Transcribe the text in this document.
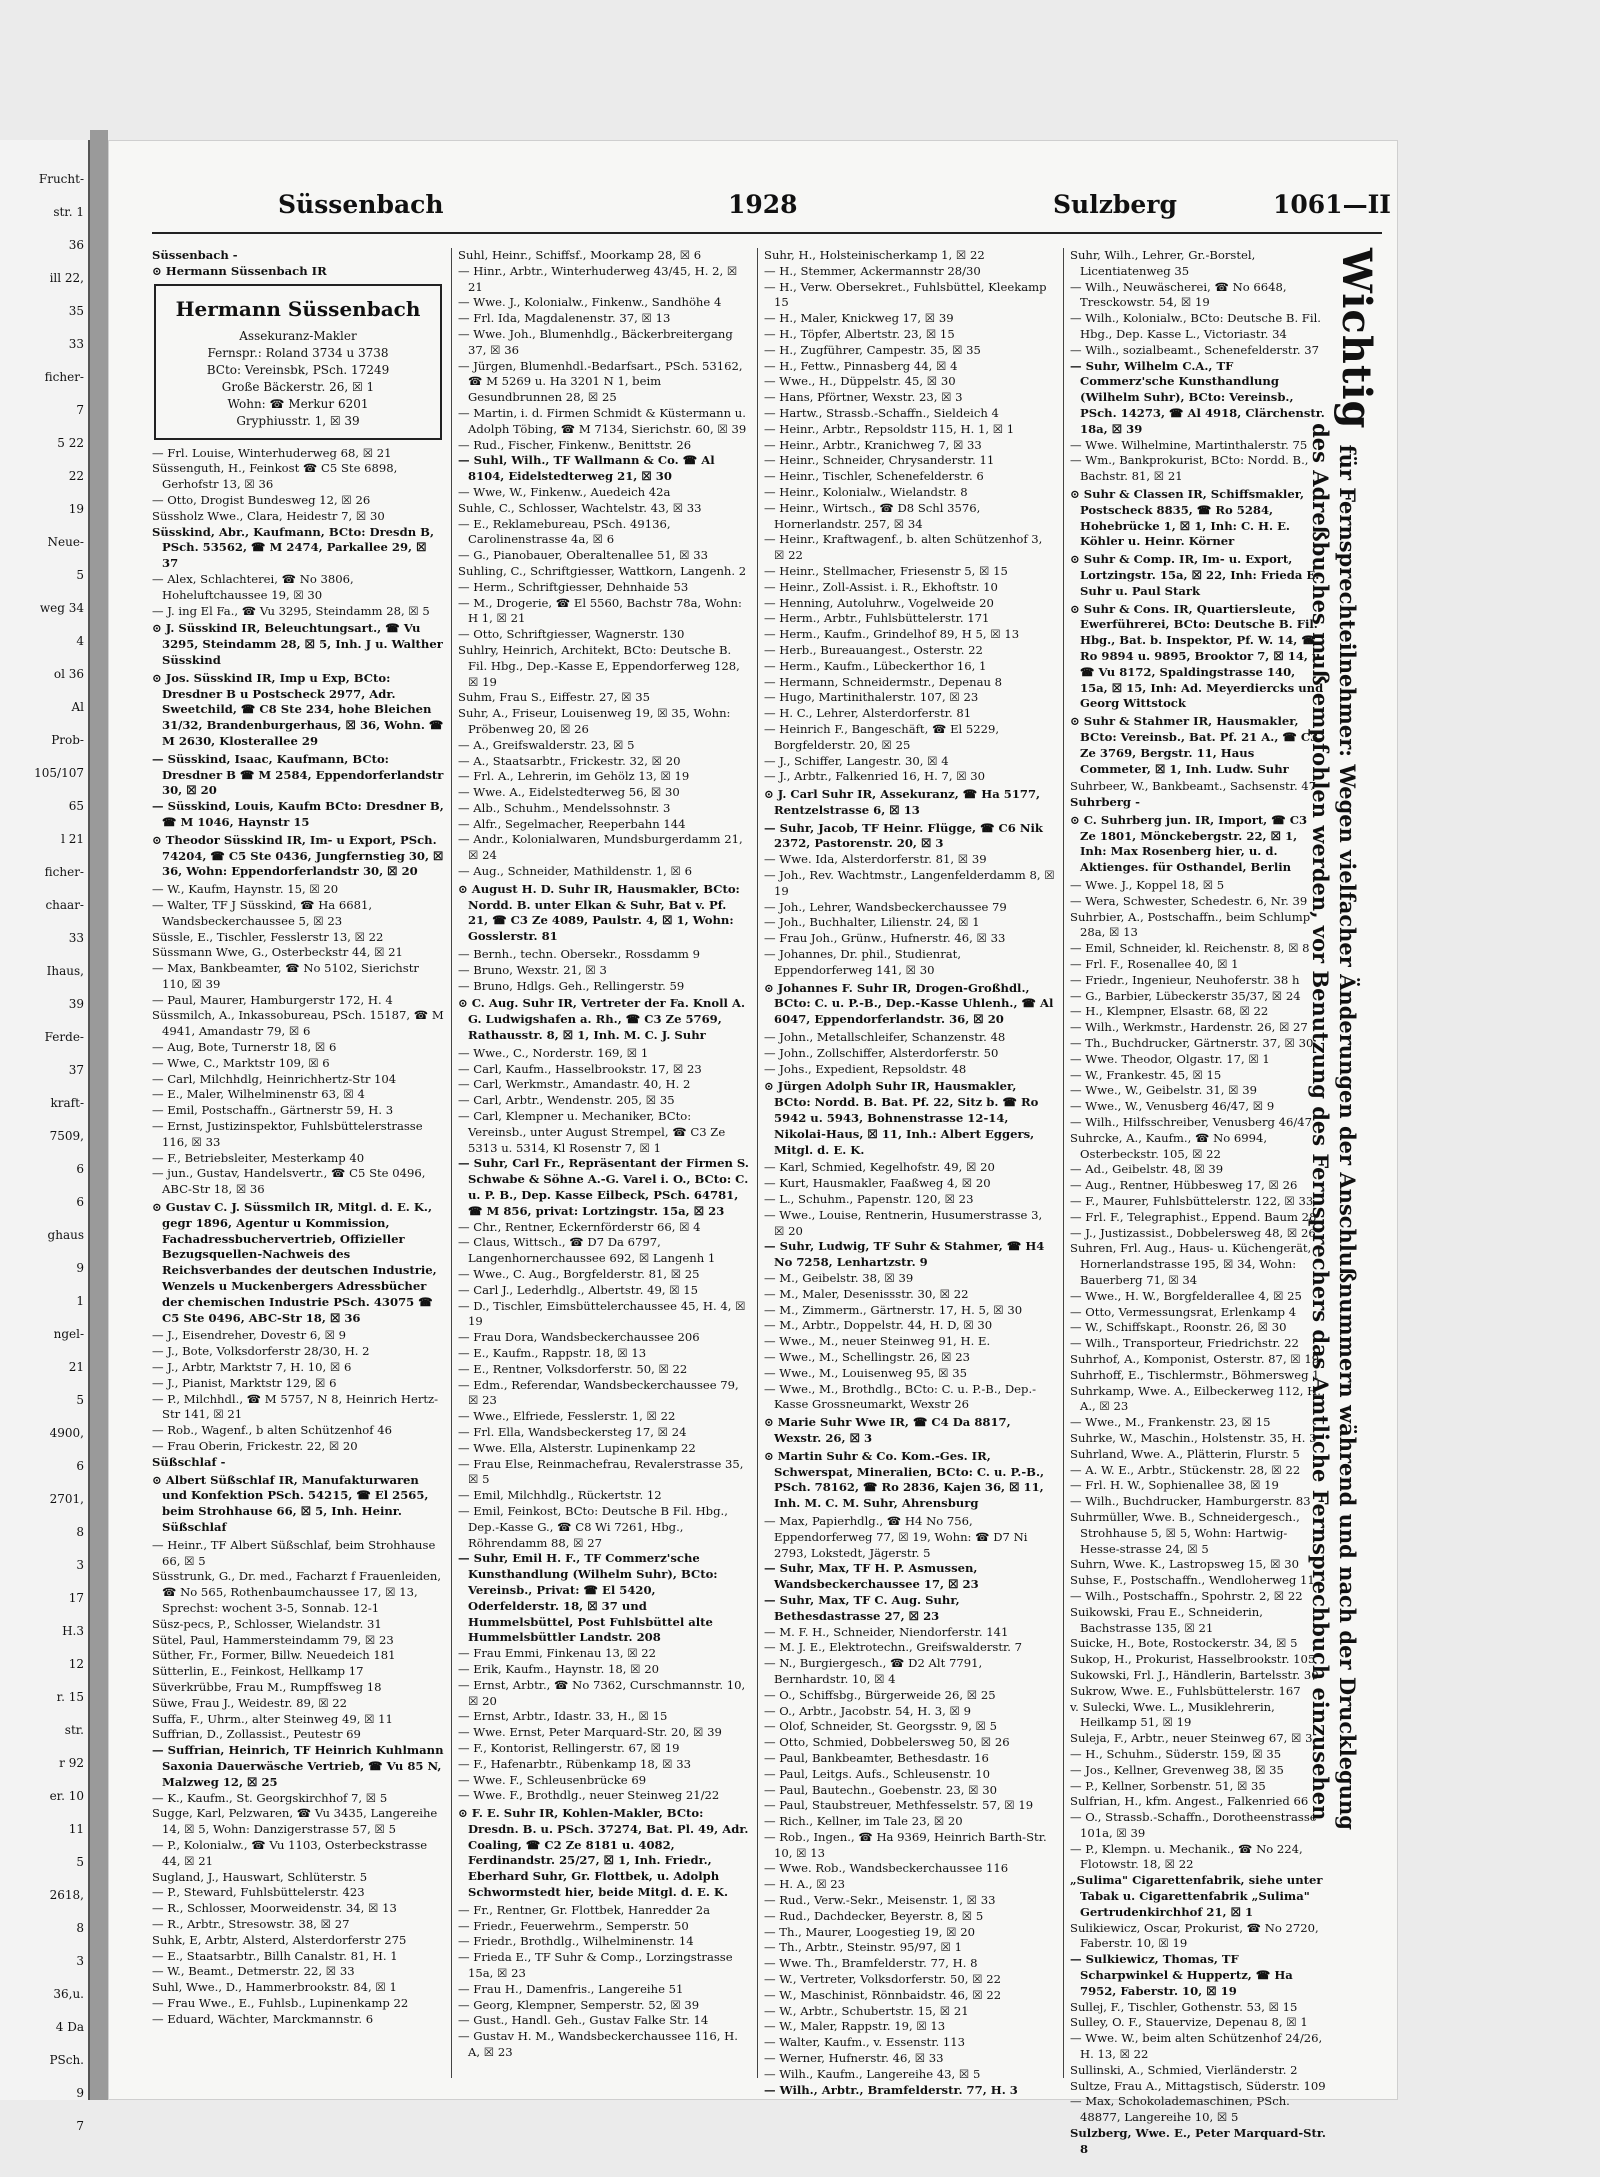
Frucht-
str. 1
36
ill 22,
35
33
ficher-
7
5 22
22
19
Neue-
5
weg 34
4
ol 36
Al
Prob-
105/107
65
l 21
ficher-
chaar-
33
Ihaus,
39
Ferde-
37
kraft-
7509,
6
6
ghaus
9
1
ngel-
21
5
4900,
6
2701,
8
3
17
H.3
12
r. 15
str.
r 92
er. 10
11
5
2618,
8
3
36,u.
4 Da
PSch.
9
7
Süssenbach	1928	Sulzberg	1061—II
Süssenbach -
⊙ Hermann Süssenbach IR
Hermann Süssenbach
Assekuranz-Makler
Fernspr.: Roland 3734 u 3738
BCto: Vereinsbk, PSch. 17249
Große Bäckerstr. 26, ☒ 1
Wohn: ☎ Merkur 6201
Gryphiusstr. 1, ☒ 39
— Frl. Louise, Winterhuderweg 68, ☒ 21
Süssenguth, H., Feinkost ☎ C5 Ste 6898, Gerhofstr 13, ☒ 36
— Otto, Drogist Bundesweg 12, ☒ 26
Süssholz Wwe., Clara, Heidestr 7, ☒ 30
Süsskind, Abr., Kaufmann, BCto: Dresdn B, PSch. 53562, ☎ M 2474, Parkallee 29, ☒ 37
— Alex, Schlachterei, ☎ No 3806, Hoheluftchaussee 19, ☒ 30
— J. ing El Fa., ☎ Vu 3295, Steindamm 28, ☒ 5
⊙ J. Süsskind IR, Beleuchtungsart., ☎ Vu 3295, Steindamm 28, ☒ 5, Inh. J u. Walther Süsskind
⊙ Jos. Süsskind IR, Imp u Exp, BCto: Dresdner B u Postscheck 2977, Adr. Sweetchild, ☎ C8 Ste 234, hohe Bleichen 31/32, Brandenburgerhaus, ☒ 36, Wohn. ☎ M 2630, Klosterallee 29
— Süsskind, Isaac, Kaufmann, BCto: Dresdner B ☎ M 2584, Eppendorferlandstr 30, ☒ 20
— Süsskind, Louis, Kaufm BCto: Dresdner B, ☎ M 1046, Haynstr 15
⊙ Theodor Süsskind IR, Im- u Export, PSch. 74204, ☎ C5 Ste 0436, Jungfernstieg 30, ☒ 36, Wohn: Eppendorferlandstr 30, ☒ 20
— W., Kaufm, Haynstr. 15, ☒ 20
— Walter, TF J Süsskind, ☎ Ha 6681, Wandsbeckerchaussee 5, ☒ 23
Süssle, E., Tischler, Fesslerstr 13, ☒ 22
Süssmann Wwe, G., Osterbeckstr 44, ☒ 21
— Max, Bankbeamter, ☎ No 5102, Sierichstr 110, ☒ 39
— Paul, Maurer, Hamburgerstr 172, H. 4
Süssmilch, A., Inkassobureau, PSch. 15187, ☎ M 4941, Amandastr 79, ☒ 6
— Aug, Bote, Turnerstr 18, ☒ 6
— Wwe, C., Marktstr 109, ☒ 6
— Carl, Milchhdlg, Heinrichhertz-Str 104
— E., Maler, Wilhelminenstr 63, ☒ 4
— Emil, Postschaffn., Gärtnerstr 59, H. 3
— Ernst, Justizinspektor, Fuhlsbüttelerstrasse 116, ☒ 33
— F., Betriebsleiter, Mesterkamp 40
— jun., Gustav, Handelsvertr., ☎ C5 Ste 0496, ABC-Str 18, ☒ 36
⊙ Gustav C. J. Süssmilch IR, Mitgl. d. E. K., gegr 1896, Agentur u Kommission, Fachadressbuchervertrieb, Offizieller Bezugsquellen-Nachweis des Reichsverbandes der deutschen Industrie, Wenzels u Muckenbergers Adressbücher der chemischen Industrie PSch. 43075 ☎ C5 Ste 0496, ABC-Str 18, ☒ 36
— J., Eisendreher, Dovestr 6, ☒ 9
— J., Bote, Volksdorferstr 28/30, H. 2
— J., Arbtr, Marktstr 7, H. 10, ☒ 6
— J., Pianist, Marktstr 129, ☒ 6
— P., Milchhdl., ☎ M 5757, N 8, Heinrich Hertz-Str 141, ☒ 21
— Rob., Wagenf., b alten Schützenhof 46
— Frau Oberin, Frickestr. 22, ☒ 20
Süßschlaf -
⊙ Albert Süßschlaf IR, Manufakturwaren und Konfektion PSch. 54215, ☎ El 2565, beim Strohhause 66, ☒ 5, Inh. Heinr. Süßschlaf
— Heinr., TF Albert Süßschlaf, beim Strohhause 66, ☒ 5
Süsstrunk, G., Dr. med., Facharzt f Frauenleiden, ☎ No 565, Rothenbaumchaussee 17, ☒ 13, Sprechst: wochent 3-5, Sonnab. 12-1
Süsz-pecs, P., Schlosser, Wielandstr. 31
Sütel, Paul, Hammersteindamm 79, ☒ 23
Süther, Fr., Former, Billw. Neuedeich 181
Sütterlin, E., Feinkost, Hellkamp 17
Süverkrübbe, Frau M., Rumpffsweg 18
Süwe, Frau J., Weidestr. 89, ☒ 22
Suffa, F., Uhrm., alter Steinweg 49, ☒ 11
Suffrian, D., Zollassist., Peutestr 69
— Suffrian, Heinrich, TF Heinrich Kuhlmann Saxonia Dauerwäsche Vertrieb, ☎ Vu 85 N, Malzweg 12, ☒ 25
— K., Kaufm., St. Georgskirchhof 7, ☒ 5
Sugge, Karl, Pelzwaren, ☎ Vu 3435, Langereihe 14, ☒ 5, Wohn: Danzigerstrasse 57, ☒ 5
— P., Kolonialw., ☎ Vu 1103, Osterbeckstrasse 44, ☒ 21
Sugland, J., Hauswart, Schlüterstr. 5
— P., Steward, Fuhlsbüttelerstr. 423
— R., Schlosser, Moorweidenstr. 34, ☒ 13
— R., Arbtr., Stresowstr. 38, ☒ 27
Suhk, E, Arbtr, Alsterd, Alsterdorferstr 275
— E., Staatsarbtr., Billh Canalstr. 81, H. 1
— W., Beamt., Detmerstr. 22, ☒ 33
Suhl, Wwe., D., Hammerbrookstr. 84, ☒ 1
— Frau Wwe., E., Fuhlsb., Lupinenkamp 22
— Eduard, Wächter, Marckmannstr. 6
Suhl, Heinr., Schiffsf., Moorkamp 28, ☒ 6
— Hinr., Arbtr., Winterhuderweg 43/45, H. 2, ☒ 21
— Wwe. J., Kolonialw., Finkenw., Sandhöhe 4
— Frl. Ida, Magdalenenstr. 37, ☒ 13
— Wwe. Joh., Blumenhdlg., Bäckerbreitergang 37, ☒ 36
— Jürgen, Blumenhdl.-Bedarfsart., PSch. 53162, ☎ M 5269 u. Ha 3201 N 1, beim Gesundbrunnen 28, ☒ 25
— Martin, i. d. Firmen Schmidt & Küstermann u. Adolph Töbing, ☎ M 7134, Sierichstr. 60, ☒ 39
— Rud., Fischer, Finkenw., Benittstr. 26
— Suhl, Wilh., TF Wallmann & Co. ☎ Al 8104, Eidelstedterweg 21, ☒ 30
— Wwe, W., Finkenw., Auedeich 42a
Suhle, C., Schlosser, Wachtelstr. 43, ☒ 33
— E., Reklamebureau, PSch. 49136, Carolinenstrasse 4a, ☒ 6
— G., Pianobauer, Oberaltenallee 51, ☒ 33
Suhling, C., Schriftgiesser, Wattkorn, Langenh. 2
— Herm., Schriftgiesser, Dehnhaide 53
— M., Drogerie, ☎ El 5560, Bachstr 78a, Wohn: H 1, ☒ 21
— Otto, Schriftgiesser, Wagnerstr. 130
Suhlry, Heinrich, Architekt, BCto: Deutsche B. Fil. Hbg., Dep.-Kasse E, Eppendorferweg 128, ☒ 19
Suhm, Frau S., Eiffestr. 27, ☒ 35
Suhr, A., Friseur, Louisenweg 19, ☒ 35, Wohn: Pröbenweg 20, ☒ 26
— A., Greifswalderstr. 23, ☒ 5
— A., Staatsarbtr., Frickestr. 32, ☒ 20
— Frl. A., Lehrerin, im Gehölz 13, ☒ 19
— Wwe. A., Eidelstedterweg 56, ☒ 30
— Alb., Schuhm., Mendelssohnstr. 3
— Alfr., Segelmacher, Reeperbahn 144
— Andr., Kolonialwaren, Mundsburgerdamm 21, ☒ 24
— Aug., Schneider, Mathildenstr. 1, ☒ 6
⊙ August H. D. Suhr IR, Hausmakler, BCto: Nordd. B. unter Elkan & Suhr, Bat v. Pf. 21, ☎ C3 Ze 4089, Paulstr. 4, ☒ 1, Wohn: Gosslerstr. 81
— Bernh., techn. Obersekr., Rossdamm 9
— Bruno, Wexstr. 21, ☒ 3
— Bruno, Hdlgs. Geh., Rellingerstr. 59
⊙ C. Aug. Suhr IR, Vertreter der Fa. Knoll A. G. Ludwigshafen a. Rh., ☎ C3 Ze 5769, Rathausstr. 8, ☒ 1, Inh. M. C. J. Suhr
— Wwe., C., Norderstr. 169, ☒ 1
— Carl, Kaufm., Hasselbrookstr. 17, ☒ 23
— Carl, Werkmstr., Amandastr. 40, H. 2
— Carl, Arbtr., Wendenstr. 205, ☒ 35
— Carl, Klempner u. Mechaniker, BCto: Vereinsb., unter August Strempel, ☎ C3 Ze 5313 u. 5314, Kl Rosenstr 7, ☒ 1
— Suhr, Carl Fr., Repräsentant der Firmen S. Schwabe & Söhne A.-G. Varel i. O., BCto: C. u. P. B., Dep. Kasse Eilbeck, PSch. 64781, ☎ M 856, privat: Lortzingstr. 15a, ☒ 23
— Chr., Rentner, Eckernförderstr 66, ☒ 4
— Claus, Wittsch., ☎ D7 Da 6797, Langenhornerchaussee 692, ☒ Langenh 1
— Wwe., C. Aug., Borgfelderstr. 81, ☒ 25
— Carl J., Lederhdlg., Albertstr. 49, ☒ 15
— D., Tischler, Eimsbüttelerchaussee 45, H. 4, ☒ 19
— Frau Dora, Wandsbeckerchaussee 206
— E., Kaufm., Rappstr. 18, ☒ 13
— E., Rentner, Volksdorferstr. 50, ☒ 22
— Edm., Referendar, Wandsbeckerchaussee 79, ☒ 23
— Wwe., Elfriede, Fesslerstr. 1, ☒ 22
— Frl. Ella, Wandsbeckersteg 17, ☒ 24
— Wwe. Ella, Alsterstr. Lupinenkamp 22
— Frau Else, Reinmachefrau, Revalerstrasse 35, ☒ 5
— Emil, Milchhdlg., Rückertstr. 12
— Emil, Feinkost, BCto: Deutsche B Fil. Hbg., Dep.-Kasse G., ☎ C8 Wi 7261, Hbg., Röhrendamm 88, ☒ 27
— Suhr, Emil H. F., TF Commerz'sche Kunsthandlung (Wilhelm Suhr), BCto: Vereinsb., Privat: ☎ El 5420, Oderfelderstr. 18, ☒ 37 und Hummelsbüttel, Post Fuhlsbüttel alte Hummelsbüttler Landstr. 208
— Frau Emmi, Finkenau 13, ☒ 22
— Erik, Kaufm., Haynstr. 18, ☒ 20
— Ernst, Arbtr., ☎ No 7362, Curschmannstr. 10, ☒ 20
— Ernst, Arbtr., Idastr. 33, H., ☒ 15
— Wwe. Ernst, Peter Marquard-Str. 20, ☒ 39
— F., Kontorist, Rellingerstr. 67, ☒ 19
— F., Hafenarbtr., Rübenkamp 18, ☒ 33
— Wwe. F., Schleusenbrücke 69
— Wwe. F., Brothdlg., neuer Steinweg 21/22
⊙ F. E. Suhr IR, Kohlen-Makler, BCto: Dresdn. B. u. PSch. 37274, Bat. Pl. 49, Adr. Coaling, ☎ C2 Ze 8181 u. 4082, Ferdinandstr. 25/27, ☒ 1, Inh. Friedr., Eberhard Suhr, Gr. Flottbek, u. Adolph Schwormstedt hier, beide Mitgl. d. E. K.
— Fr., Rentner, Gr. Flottbek, Hanredder 2a
— Friedr., Feuerwehrm., Semperstr. 50
— Friedr., Brothdlg., Wilhelminenstr. 14
— Frieda E., TF Suhr & Comp., Lorzingstrasse 15a, ☒ 23
— Frau H., Damenfris., Langereihe 51
— Georg, Klempner, Semperstr. 52, ☒ 39
— Gust., Handl. Geh., Gustav Falke Str. 14
— Gustav H. M., Wandsbeckerchaussee 116, H. A, ☒ 23
Suhr, H., Holsteinischerkamp 1, ☒ 22
— H., Stemmer, Ackermannstr 28/30
— H., Verw. Obersekret., Fuhlsbüttel, Kleekamp 15
— H., Maler, Knickweg 17, ☒ 39
— H., Töpfer, Albertstr. 23, ☒ 15
— H., Zugführer, Campestr. 35, ☒ 35
— H., Fettw., Pinnasberg 44, ☒ 4
— Wwe., H., Düppelstr. 45, ☒ 30
— Hans, Pförtner, Wexstr. 23, ☒ 3
— Hartw., Strassb.-Schaffn., Sieldeich 4
— Heinr., Arbtr., Repsoldstr 115, H. 1, ☒ 1
— Heinr., Arbtr., Kranichweg 7, ☒ 33
— Heinr., Schneider, Chrysanderstr. 11
— Heinr., Tischler, Schenefelderstr. 6
— Heinr., Kolonialw., Wielandstr. 8
— Heinr., Wirtsch., ☎ D8 Schl 3576, Hornerlandstr. 257, ☒ 34
— Heinr., Kraftwagenf., b. alten Schützenhof 3, ☒ 22
— Heinr., Stellmacher, Friesenstr 5, ☒ 15
— Heinr., Zoll-Assist. i. R., Ekhoftstr. 10
— Henning, Autoluhrw., Vogelweide 20
— Herm., Arbtr., Fuhlsbüttelerstr. 171
— Herm., Kaufm., Grindelhof 89, H 5, ☒ 13
— Herb., Bureauangest., Osterstr. 22
— Herm., Kaufm., Lübeckerthor 16, 1
— Hermann, Schneidermstr., Depenau 8
— Hugo, Martinithalerstr. 107, ☒ 23
— H. C., Lehrer, Alsterdorferstr. 81
— Heinrich F., Bangeschäft, ☎ El 5229, Borgfelderstr. 20, ☒ 25
— J., Schiffer, Langestr. 30, ☒ 4
— J., Arbtr., Falkenried 16, H. 7, ☒ 30
⊙ J. Carl Suhr IR, Assekuranz, ☎ Ha 5177, Rentzelstrasse 6, ☒ 13
— Suhr, Jacob, TF Heinr. Flügge, ☎ C6 Nik 2372, Pastorenstr. 20, ☒ 3
— Wwe. Ida, Alsterdorferstr. 81, ☒ 39
— Joh., Rev. Wachtmstr., Langenfelderdamm 8, ☒ 19
— Joh., Lehrer, Wandsbeckerchaussee 79
— Joh., Buchhalter, Lilienstr. 24, ☒ 1
— Frau Joh., Grünw., Hufnerstr. 46, ☒ 33
— Johannes, Dr. phil., Studienrat, Eppendorferweg 141, ☒ 30
⊙ Johannes F. Suhr IR, Drogen-Großhdl., BCto: C. u. P.-B., Dep.-Kasse Uhlenh., ☎ Al 6047, Eppendorferlandstr. 36, ☒ 20
— John., Metallschleifer, Schanzenstr. 48
— John., Zollschiffer, Alsterdorferstr. 50
— Johs., Expedient, Repsoldstr. 48
⊙ Jürgen Adolph Suhr IR, Hausmakler, BCto: Nordd. B. Bat. Pf. 22, Sitz b. ☎ Ro 5942 u. 5943, Bohnenstrasse 12-14, Nikolai-Haus, ☒ 11, Inh.: Albert Eggers, Mitgl. d. E. K.
— Karl, Schmied, Kegelhofstr. 49, ☒ 20
— Kurt, Hausmakler, Faaßweg 4, ☒ 20
— L., Schuhm., Papenstr. 120, ☒ 23
— Wwe., Louise, Rentnerin, Husumerstrasse 3, ☒ 20
— Suhr, Ludwig, TF Suhr & Stahmer, ☎ H4 No 7258, Lenhartzstr. 9
— M., Geibelstr. 38, ☒ 39
— M., Maler, Desenissstr. 30, ☒ 22
— M., Zimmerm., Gärtnerstr. 17, H. 5, ☒ 30
— M., Arbtr., Doppelstr. 44, H. D, ☒ 30
— Wwe., M., neuer Steinweg 91, H. E.
— Wwe., M., Schellingstr. 26, ☒ 23
— Wwe., M., Louisenweg 95, ☒ 35
— Wwe., M., Brothdlg., BCto: C. u. P.-B., Dep.-Kasse Grossneumarkt, Wexstr 26
⊙ Marie Suhr Wwe IR, ☎ C4 Da 8817, Wexstr. 26, ☒ 3
⊙ Martin Suhr & Co. Kom.-Ges. IR, Schwerspat, Mineralien, BCto: C. u. P.-B., PSch. 78162, ☎ Ro 2836, Kajen 36, ☒ 11, Inh. M. C. M. Suhr, Ahrensburg
— Max, Papierhdlg., ☎ H4 No 756, Eppendorferweg 77, ☒ 19, Wohn: ☎ D7 Ni 2793, Lokstedt, Jägerstr. 5
— Suhr, Max, TF H. P. Asmussen, Wandsbeckerchaussee 17, ☒ 23
— Suhr, Max, TF C. Aug. Suhr, Bethesdastrasse 27, ☒ 23
— M. F. H., Schneider, Niendorferstr. 141
— M. J. E., Elektrotechn., Greifswalderstr. 7
— N., Burgiergesch., ☎ D2 Alt 7791, Bernhardstr. 10, ☒ 4
— O., Schiffsbg., Bürgerweide 26, ☒ 25
— O., Arbtr., Jacobstr. 54, H. 3, ☒ 9
— Olof, Schneider, St. Georgsstr. 9, ☒ 5
— Otto, Schmied, Dobbelersweg 50, ☒ 26
— Paul, Bankbeamter, Bethesdastr. 16
— Paul, Leitgs. Aufs., Schleusenstr. 10
— Paul, Bautechn., Goebenstr. 23, ☒ 30
— Paul, Staubstreuer, Methfesselstr. 57, ☒ 19
— Rich., Kellner, im Tale 23, ☒ 20
— Rob., Ingen., ☎ Ha 9369, Heinrich Barth-Str. 10, ☒ 13
— Wwe. Rob., Wandsbeckerchaussee 116
— H. A., ☒ 23
— Rud., Verw.-Sekr., Meisenstr. 1, ☒ 33
— Rud., Dachdecker, Beyerstr. 8, ☒ 5
— Th., Maurer, Loogestieg 19, ☒ 20
— Th., Arbtr., Steinstr. 95/97, ☒ 1
— Wwe. Th., Bramfelderstr. 77, H. 8
— W., Vertreter, Volksdorferstr. 50, ☒ 22
— W., Maschinist, Rönnbaidstr. 46, ☒ 22
— W., Arbtr., Schubertstr. 15, ☒ 21
— W., Maler, Rappstr. 19, ☒ 13
— Walter, Kaufm., v. Essenstr. 113
— Werner, Hufnerstr. 46, ☒ 33
— Wilh., Kaufm., Langereihe 43, ☒ 5
— Wilh., Arbtr., Bramfelderstr. 77, H. 3
Suhr, Wilh., Lehrer, Gr.-Borstel, Licentiatenweg 35
— Wilh., Neuwäscherei, ☎ No 6648, Tresckowstr. 54, ☒ 19
— Wilh., Kolonialw., BCto: Deutsche B. Fil. Hbg., Dep. Kasse L., Victoriastr. 34
— Wilh., sozialbeamt., Schenefelderstr. 37
— Suhr, Wilhelm C.A., TF Commerz'sche Kunsthandlung (Wilhelm Suhr), BCto: Vereinsb., PSch. 14273, ☎ Al 4918, Clärchenstr. 18a, ☒ 39
— Wwe. Wilhelmine, Martinthalerstr. 75
— Wm., Bankprokurist, BCto: Nordd. B., Bachstr. 81, ☒ 21
⊙ Suhr & Classen IR, Schiffsmakler, Postscheck 8835, ☎ Ro 5284, Hohebrücke 1, ☒ 1, Inh: C. H. E. Köhler u. Heinr. Körner
⊙ Suhr & Comp. IR, Im- u. Export, Lortzingstr. 15a, ☒ 22, Inh: Frieda E. Suhr u. Paul Stark
⊙ Suhr & Cons. IR, Quartiersleute, Ewerführerei, BCto: Deutsche B. Fil. Hbg., Bat. b. Inspektor, Pf. W. 14, ☎ Ro 9894 u. 9895, Brooktor 7, ☒ 14, u. ☎ Vu 8172, Spaldingstrasse 140, 15a, ☒ 15, Inh: Ad. Meyerdiercks und Georg Wittstock
⊙ Suhr & Stahmer IR, Hausmakler, BCto: Vereinsb., Bat. Pf. 21 A., ☎ C3 Ze 3769, Bergstr. 11, Haus Commeter, ☒ 1, Inh. Ludw. Suhr
Suhrbeer, W., Bankbeamt., Sachsenstr. 47
Suhrberg -
⊙ C. Suhrberg jun. IR, Import, ☎ C3 Ze 1801, Mönckebergstr. 22, ☒ 1, Inh: Max Rosenberg hier, u. d. Aktienges. für Osthandel, Berlin
— Wwe. J., Koppel 18, ☒ 5
— Wera, Schwester, Schedestr. 6, Nr. 39
Suhrbier, A., Postschaffn., beim Schlump 28a, ☒ 13
— Emil, Schneider, kl. Reichenstr. 8, ☒ 8
— Frl. F., Rosenallee 40, ☒ 1
— Friedr., Ingenieur, Neuhoferstr. 38 h
— G., Barbier, Lübeckerstr 35/37, ☒ 24
— H., Klempner, Elsastr. 68, ☒ 22
— Wilh., Werkmstr., Hardenstr. 26, ☒ 27
— Th., Buchdrucker, Gärtnerstr. 37, ☒ 30
— Wwe. Theodor, Olgastr. 17, ☒ 1
— W., Frankestr. 45, ☒ 15
— Wwe., W., Geibelstr. 31, ☒ 39
— Wwe., W., Venusberg 46/47, ☒ 9
— Wilh., Hilfsschreiber, Venusberg 46/47
Suhrcke, A., Kaufm., ☎ No 6994, Osterbeckstr. 105, ☒ 22
— Ad., Geibelstr. 48, ☒ 39
— Aug., Rentner, Hübbesweg 17, ☒ 26
— F., Maurer, Fuhlsbüttelerstr. 122, ☒ 33
— Frl. F., Telegraphist., Eppend. Baum 28
— J., Justizassist., Dobbelersweg 48, ☒ 26
Suhren, Frl. Aug., Haus- u. Küchengerät, Hornerlandstrasse 195, ☒ 34, Wohn: Bauerberg 71, ☒ 34
— Wwe., H. W., Borgfelderallee 4, ☒ 25
— Otto, Vermessungsrat, Erlenkamp 4
— W., Schiffskapt., Roonstr. 26, ☒ 30
— Wilh., Transporteur, Friedrichstr. 22
Suhrhof, A., Komponist, Osterstr. 87, ☒ 19
Suhrhoff, E., Tischlermstr., Böhmersweg 1
Suhrkamp, Wwe. A., Eilbeckerweg 112, H. A., ☒ 23
— Wwe., M., Frankenstr. 23, ☒ 15
Suhrke, W., Maschin., Holstenstr. 35, H. 3
Suhrland, Wwe. A., Plätterin, Flurstr. 5
— A. W. E., Arbtr., Stückenstr. 28, ☒ 22
— Frl. H. W., Sophienallee 38, ☒ 19
— Wilh., Buchdrucker, Hamburgerstr. 83
Suhrmüller, Wwe. B., Schneidergesch., Strohhause 5, ☒ 5, Wohn: Hartwig-Hesse-strasse 24, ☒ 5
Suhrn, Wwe. K., Lastropsweg 15, ☒ 30
Suhse, F., Postschaffn., Wendloherweg 11
— Wilh., Postschaffn., Spohrstr. 2, ☒ 22
Suikowski, Frau E., Schneiderin, Bachstrasse 135, ☒ 21
Suicke, H., Bote, Rostockerstr. 34, ☒ 5
Sukop, H., Prokurist, Hasselbrookstr. 105
Sukowski, Frl. J., Händlerin, Bartelsstr. 30
Sukrow, Wwe. E., Fuhlsbüttelerstr. 167
v. Sulecki, Wwe. L., Musiklehrerin, Heilkamp 51, ☒ 19
Suleja, F., Arbtr., neuer Steinweg 67, ☒ 3
— H., Schuhm., Süderstr. 159, ☒ 35
— Jos., Kellner, Grevenweg 38, ☒ 35
— P., Kellner, Sorbenstr. 51, ☒ 35
Sulfrian, H., kfm. Angest., Falkenried 66
— O., Strassb.-Schaffn., Dorotheenstrasse 101a, ☒ 39
— P., Klempn. u. Mechanik., ☎ No 224, Flotowstr. 18, ☒ 22
„Sulima" Cigarettenfabrik, siehe unter Tabak u. Cigarettenfabrik „Sulima" Gertrudenkirchhof 21, ☒ 1
Sulikiewicz, Oscar, Prokurist, ☎ No 2720, Faberstr. 10, ☒ 19
— Sulkiewicz, Thomas, TF Scharpwinkel & Huppertz, ☎ Ha 7952, Faberstr. 10, ☒ 19
Sullej, F., Tischler, Gothenstr. 53, ☒ 15
Sulley, O. F., Stauervize, Depenau 8, ☒ 1
— Wwe. W., beim alten Schützenhof 24/26, H. 13, ☒ 22
Sullinski, A., Schmied, Vierländerstr. 2
Sultze, Frau A., Mittagstisch, Süderstr. 109
— Max, Schokolademaschinen, PSch. 48877, Langereihe 10, ☒ 5
Sulzberg, Wwe. E., Peter Marquard-Str. 8
Wichtig für Fernsprechteilnehmer: Wegen vielfacher Änderungen der Anschlußnummern während und nach der Drucklegung
des Adreßbuches muß empfohlen werden, vor Benutzung des Fernsprechers das Amtliche Fernsprechbuch einzusehen
